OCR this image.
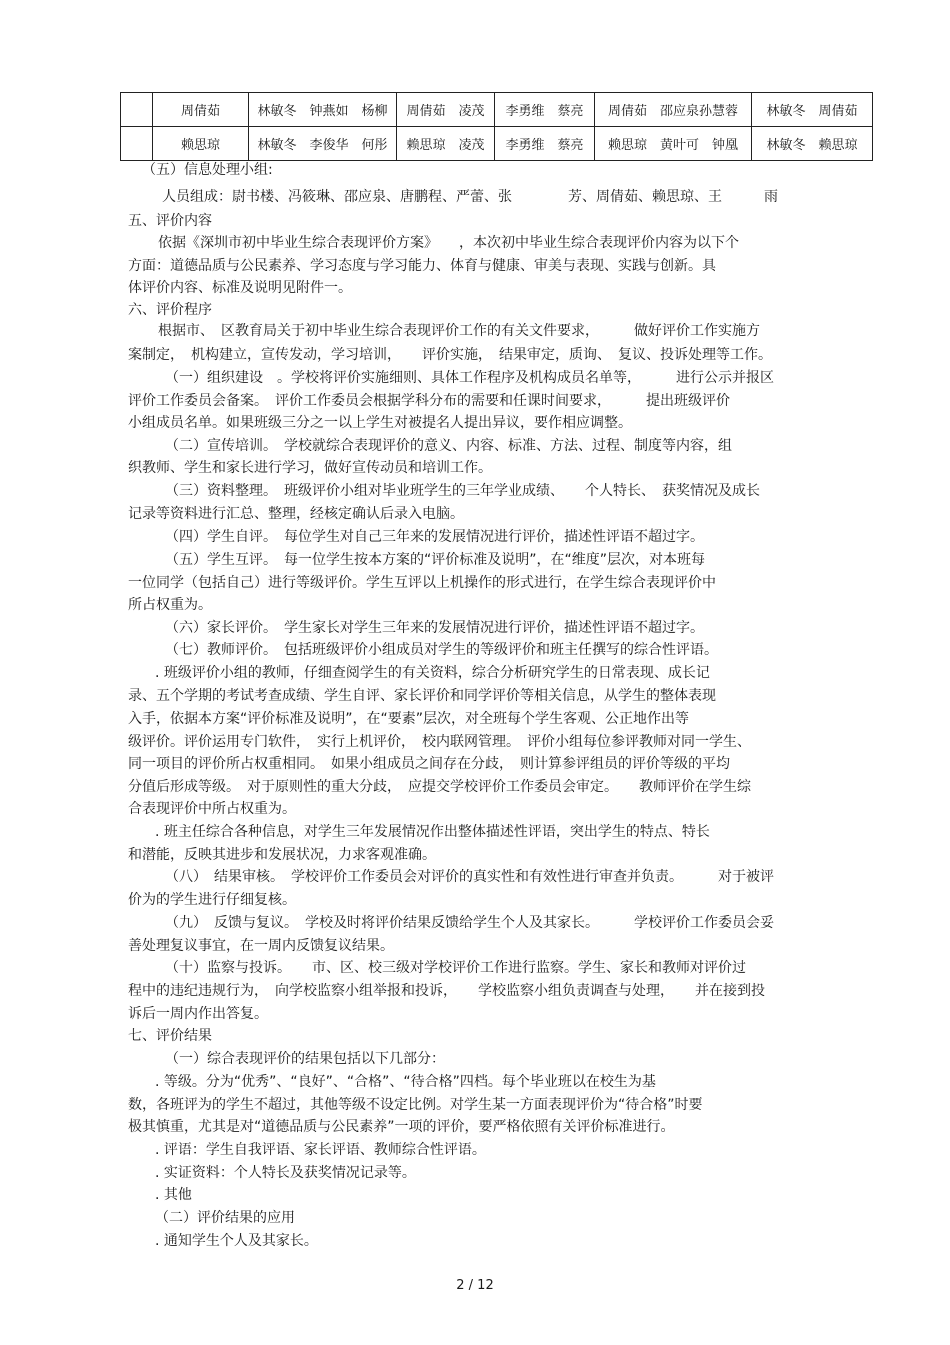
	周倩茹	林敏冬　钟燕如　杨柳	周倩茹　凌茂	李勇维　蔡亮	周倩茹　邵应泉孙慧蓉	林敏冬　周倩茹
	赖思琼	林敏冬　李俊华　何彤	赖思琼　凌茂	李勇维　蔡亮	赖思琼　黄叶可　钟凰	林敏冬　赖思琼
（五）信息处理小组:
人员组成：尉书楼、冯筱琳、邵应泉、唐鹏程、严蕾、张　　　　芳、周倩茹、赖思琼、王　　　雨
五、评价内容
依据《深圳市初中毕业生综合表现评价方案》　　，本次初中毕业生综合表现评价内容为以下个
方面：道德品质与公民素养、学习态度与学习能力、体育与健康、审美与表现、实践与创新。具
体评价内容、标准及说明见附件一。
六、评价程序
根据市、　区教育局关于初中毕业生综合表现评价工作的有关文件要求，　　　做好评价工作实施方
案制定，　机构建立，宣传发动，学习培训，　　评价实施，　结果审定，质询、　复议、投诉处理等工作。
（一）组织建设　。学校将评价实施细则、具体工作程序及机构成员名单等，　　　进行公示并报区
评价工作委员会备案。　评价工作委员会根据学科分布的需要和任课时间要求，　　　提出班级评价
小组成员名单。如果班级三分之一以上学生对被提名人提出异议，要作相应调整。
（二）宣传培训。　学校就综合表现评价的意义、内容、标准、方法、过程、制度等内容，组
织教师、学生和家长进行学习，做好宣传动员和培训工作。
（三）资料整理。　班级评价小组对毕业班学生的三年学业成绩、　　个人特长、　获奖情况及成长
记录等资料进行汇总、整理，经核定确认后录入电脑。
（四）学生自评。　每位学生对自己三年来的发展情况进行评价，描述性评语不超过字。
（五）学生互评。　每一位学生按本方案的“评价标准及说明”，在“维度”层次，对本班每
一位同学（包括自己）进行等级评价。学生互评以上机操作的形式进行，在学生综合表现评价中
所占权重为。
（六）家长评价。　学生家长对学生三年来的发展情况进行评价，描述性评语不超过字。
（七）教师评价。　包括班级评价小组成员对学生的等级评价和班主任撰写的综合性评语。
. 班级评价小组的教师，仔细查阅学生的有关资料，综合分析研究学生的日常表现、成长记
录、五个学期的考试考查成绩、学生自评、家长评价和同学评价等相关信息，从学生的整体表现
入手，依据本方案“评价标准及说明”，在“要素”层次，对全班每个学生客观、公正地作出等
级评价。评价运用专门软件，　实行上机评价，　校内联网管理。　评价小组每位参评教师对同一学生、
同一项目的评价所占权重相同。　如果小组成员之间存在分歧，　则计算参评组员的评价等级的平均
分值后形成等级。　对于原则性的重大分歧，　应提交学校评价工作委员会审定。　　教师评价在学生综
合表现评价中所占权重为。
. 班主任综合各种信息，对学生三年发展情况作出整体描述性评语，突出学生的特点、特长
和潜能，反映其进步和发展状况，力求客观准确。
（八）　结果审核。　学校评价工作委员会对评价的真实性和有效性进行审查并负责。　　　对于被评
价为的学生进行仔细复核。
（九）　反馈与复议。　学校及时将评价结果反馈给学生个人及其家长。　　　学校评价工作委员会妥
善处理复议事宜，在一周内反馈复议结果。
（十）监察与投诉。　　市、区、校三级对学校评价工作进行监察。学生、家长和教师对评价过
程中的违纪违规行为，　向学校监察小组举报和投诉，　　学校监察小组负责调查与处理，　　并在接到投
诉后一周内作出答复。
七、评价结果
（一）综合表现评价的结果包括以下几部分：
. 等级。分为“优秀”、“良好”、“合格”、“待合格”四档。每个毕业班以在校生为基
数，各班评为的学生不超过，其他等级不设定比例。对学生某一方面表现评价为“待合格”时要
极其慎重，尤其是对“道德品质与公民素养”一项的评价，要严格依照有关评价标准进行。
. 评语：学生自我评语、家长评语、教师综合性评语。
. 实证资料：个人特长及获奖情况记录等。
. 其他
（二）评价结果的应用
. 通知学生个人及其家长。
2 / 12
